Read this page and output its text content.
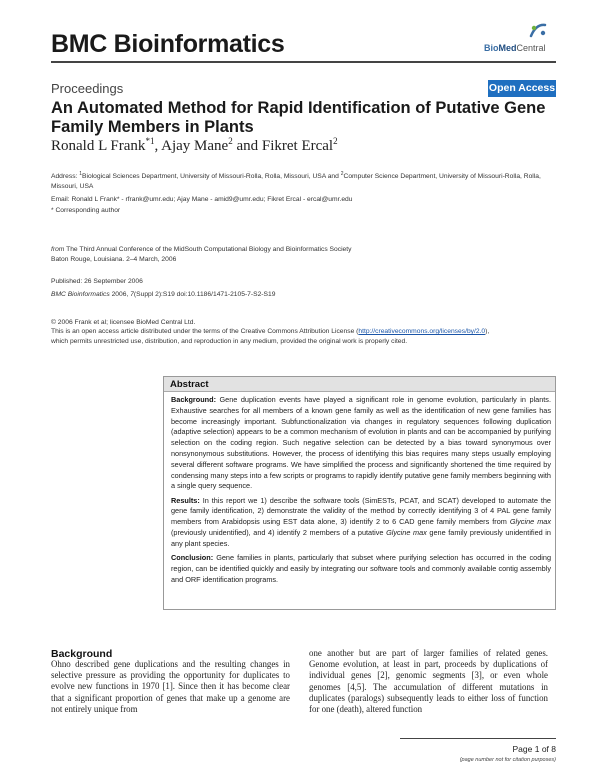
BMC Bioinformatics	BioMedCentral
Proceedings	Open Access
An Automated Method for Rapid Identification of Putative Gene Family Members in Plants
Ronald L Frank$^{*1}$, Ajay Mane$^2$ and Fikret Ercal$^2$
Address: $^1$Biological Sciences Department, University of Missouri-Rolla, Rolla, Missouri, USA and $^2$Computer Science Department, University of Missouri-Rolla, Rolla, Missouri, USA
Email: Ronald L Frank* - rfrank@umr.edu; Ajay Mane - amid9@umr.edu; Fikret Ercal - ercal@umr.edu
* Corresponding author
from The Third Annual Conference of the MidSouth Computational Biology and Bioinformatics Society
Baton Rouge, Louisiana. 2–4 March, 2006
Published: 26 September 2006
BMC Bioinformatics 2006, 7(Suppl 2):S19 doi:10.1186/1471-2105-7-S2-S19
© 2006 Frank et al; licensee BioMed Central Ltd.
This is an open access article distributed under the terms of the Creative Commons Attribution License (http://creativecommons.org/licenses/by/2.0),
which permits unrestricted use, distribution, and reproduction in any medium, provided the original work is properly cited.
Abstract

Background: Gene duplication events have played a significant role in genome evolution, particularly in plants. Exhaustive searches for all members of a known gene family as well as the identification of new gene families has become increasingly important. Subfunctionalization via changes in regulatory sequences following duplication (adaptive selection) appears to be a common mechanism of evolution in plants and can be accompanied by purifying selection on the coding region. Such negative selection can be detected by a bias toward synonymous over nonsynonymous substitutions. However, the process of identifying this bias requires many steps usually employing several different software programs. We have simplified the process and significantly shortened the time required by condensing many steps into a few scripts or programs to rapidly identify putative gene family members beginning with a single query sequence.

Results: In this report we 1) describe the software tools (SimESTs, PCAT, and SCAT) developed to automate the gene family identification, 2) demonstrate the validity of the method by correctly identifying 3 of 4 PAL gene family members from Arabidopsis using EST data alone, 3) identify 2 to 6 CAD gene family members from Glycine max (previously unidentified), and 4) identify 2 members of a putative Glycine max gene family previously unidentified in any plant species.

Conclusion: Gene families in plants, particularly that subset where purifying selection has occurred in the coding region, can be identified quickly and easily by integrating our software tools and commonly available contig assembly and ORF identification programs.

Background
Ohno described gene duplications and the resulting changes in selective pressure as providing the opportunity for duplicates to evolve new functions in 1970 [1]. Since then it has become clear that a significant proportion of genes that make up a genome are not entirely unique from
one another but are part of larger families of related genes. Genome evolution, at least in part, proceeds by duplications of individual genes [2], genomic segments [3], or even whole genomes [4,5]. The accumulation of different mutations in duplicates (paralogs) subsequently leads to either loss of function for one (death), altered function
Page 1 of 8
(page number not for citation purposes)
